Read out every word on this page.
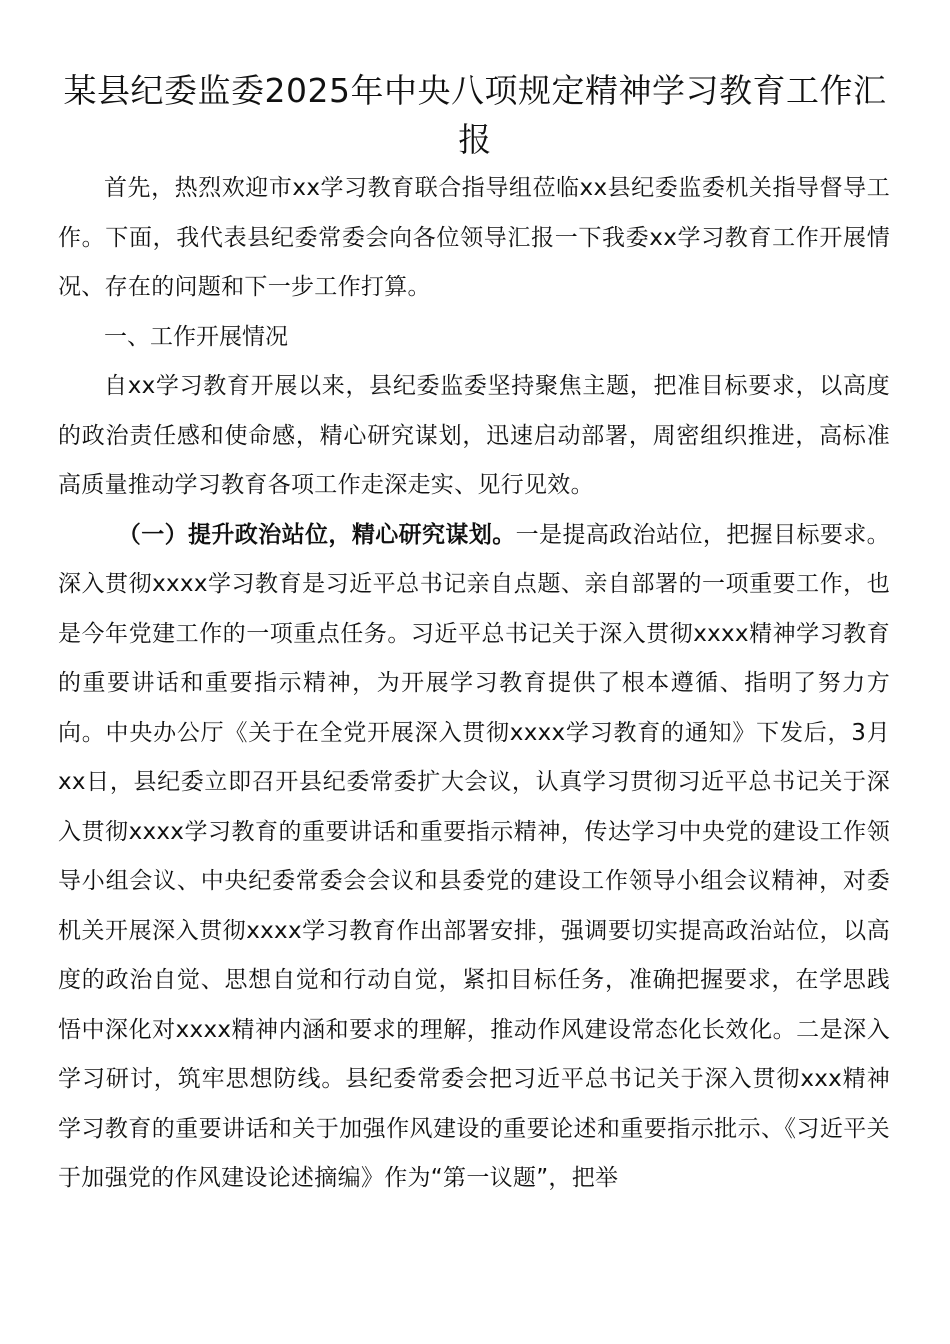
某县纪委监委2025年中央八项规定精神学习教育工作汇报

首先，热烈欢迎市xx学习教育联合指导组莅临xx县纪委监委机关指导督导工作。下面，我代表县纪委常委会向各位领导汇报一下我委xx学习教育工作开展情况、存在的问题和下一步工作打算。

一、工作开展情况

自xx学习教育开展以来，县纪委监委坚持聚焦主题，把准目标要求，以高度的政治责任感和使命感，精心研究谋划，迅速启动部署，周密组织推进，高标准高质量推动学习教育各项工作走深走实、见行见效。

（一）提升政治站位，精心研究谋划。一是提高政治站位，把握目标要求。深入贯彻xxxx学习教育是习近平总书记亲自点题、亲自部署的一项重要工作，也是今年党建工作的一项重点任务。习近平总书记关于深入贯彻xxxx精神学习教育的重要讲话和重要指示精神，为开展学习教育提供了根本遵循、指明了努力方向。中央办公厅《关于在全党开展深入贯彻xxxx学习教育的通知》下发后，3月xx日，县纪委立即召开县纪委常委扩大会议，认真学习贯彻习近平总书记关于深入贯彻xxxx学习教育的重要讲话和重要指示精神，传达学习中央党的建设工作领导小组会议、中央纪委常委会会议和县委党的建设工作领导小组会议精神，对委机关开展深入贯彻xxxx学习教育作出部署安排，强调要切实提高政治站位，以高度的政治自觉、思想自觉和行动自觉，紧扣目标任务，准确把握要求，在学思践悟中深化对xxxx精神内涵和要求的理解，推动作风建设常态化长效化。二是深入学习研讨，筑牢思想防线。县纪委常委会把习近平总书记关于深入贯彻xxx精神学习教育的重要讲话和关于加强作风建设的重要论述和重要指示批示、《习近平关于加强党的作风建设论述摘编》作为“第一议题”，把举
